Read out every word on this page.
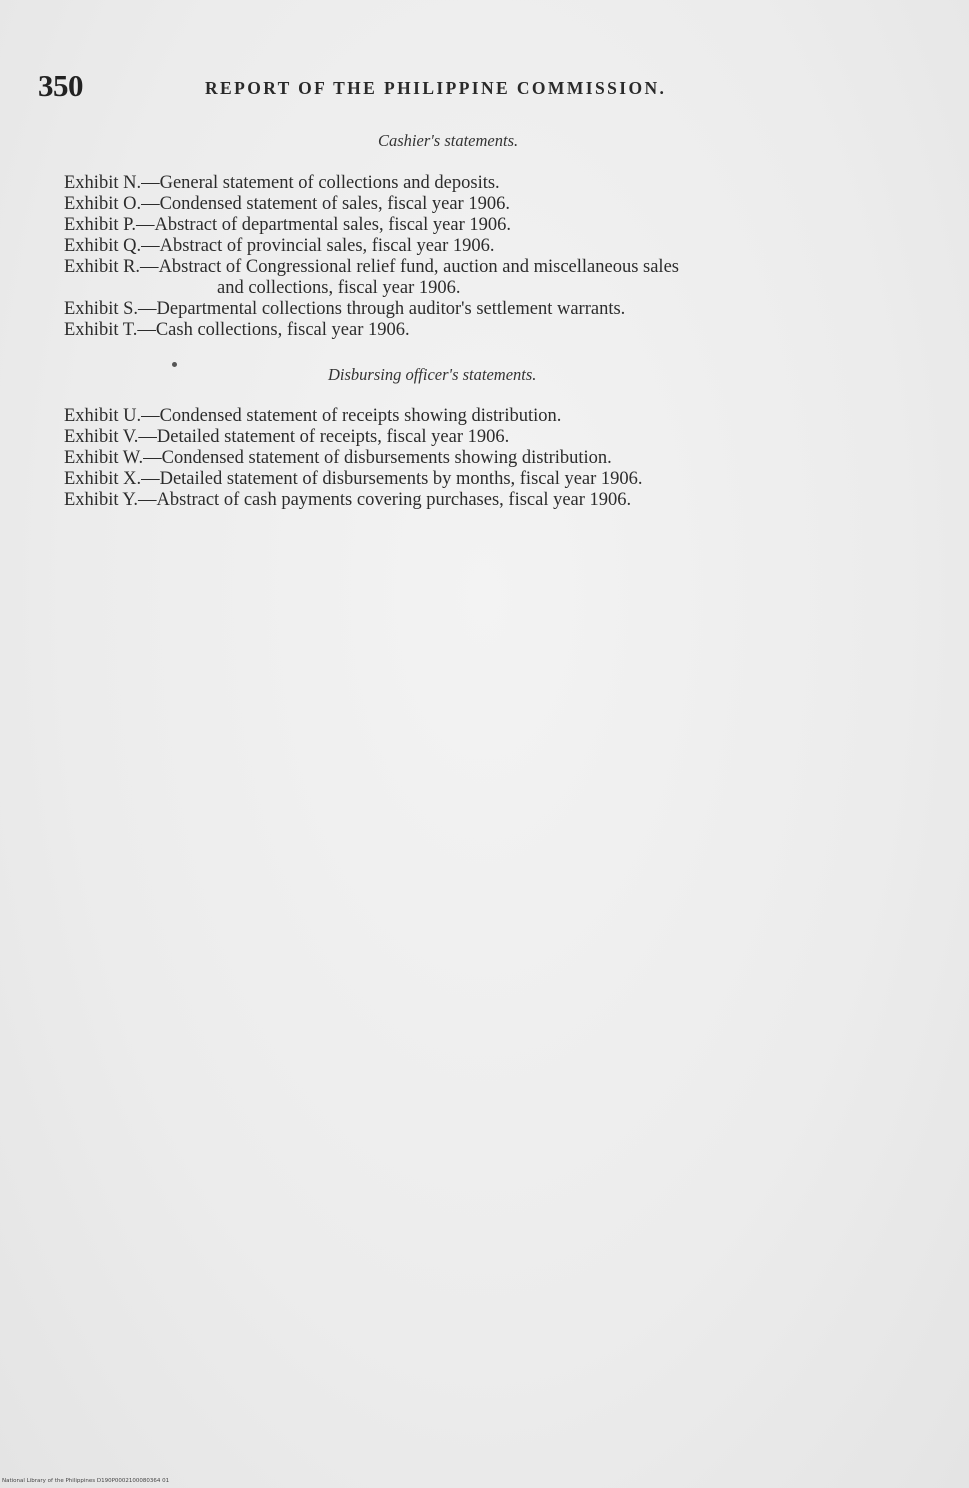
350	REPORT OF THE PHILIPPINE COMMISSION.
Cashier's statements.
Exhibit N.—General statement of collections and deposits.
Exhibit O.—Condensed statement of sales, fiscal year 1906.
Exhibit P.—Abstract of departmental sales, fiscal year 1906.
Exhibit Q.—Abstract of provincial sales, fiscal year 1906.
Exhibit R.—Abstract of Congressional relief fund, auction and miscellaneous sales
and collections, fiscal year 1906.
Exhibit S.—Departmental collections through auditor's settlement warrants.
Exhibit T.—Cash collections, fiscal year 1906.
Disbursing officer's statements.
Exhibit U.—Condensed statement of receipts showing distribution.
Exhibit V.—Detailed statement of receipts, fiscal year 1906.
Exhibit W.—Condensed statement of disbursements showing distribution.
Exhibit X.—Detailed statement of disbursements by months, fiscal year 1906.
Exhibit Y.—Abstract of cash payments covering purchases, fiscal year 1906.
National Library of the Philippines D190P0002100080364 01
